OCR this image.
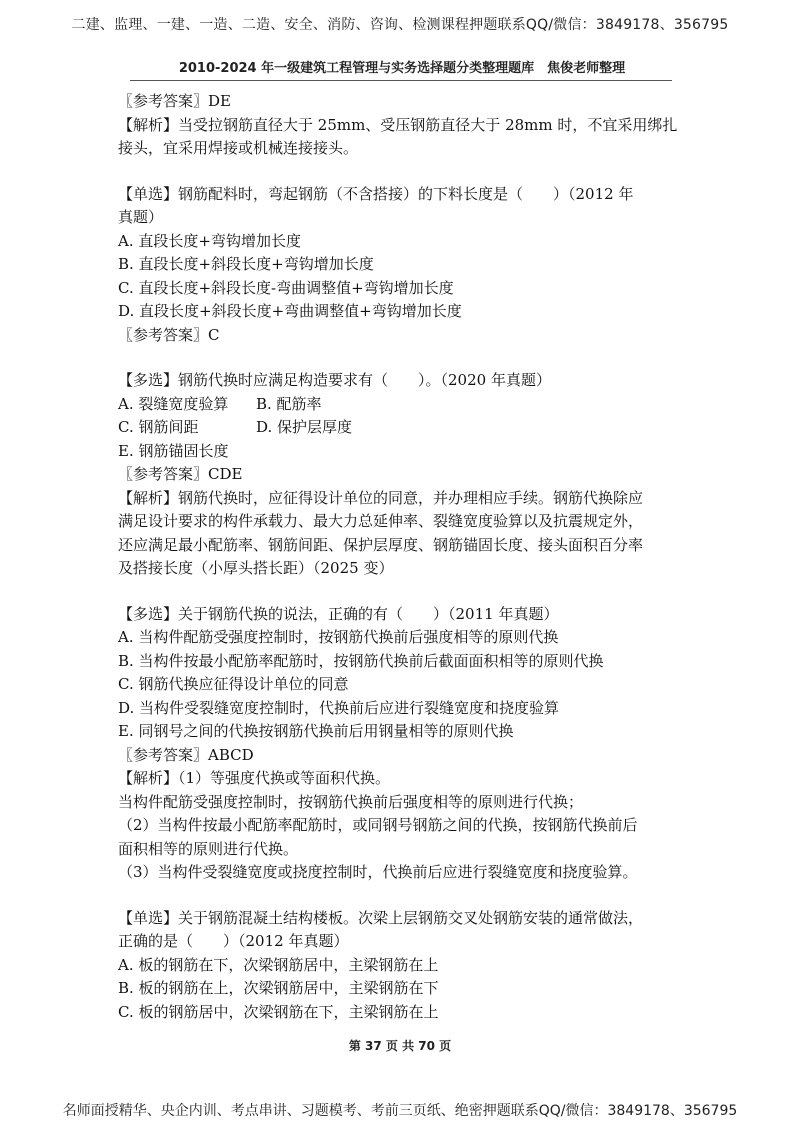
二建、监理、一建、一造、二造、安全、消防、咨询、检测课程押题联系QQ/微信：3849178、356795
2010-2024 年一级建筑工程管理与实务选择题分类整理题库　焦俊老师整理

〖参考答案〗DE

【解析】当受拉钢筋直径大于 25mm、受压钢筋直径大于 28mm 时，不宜采用绑扎

接头，宜采用焊接或机械连接接头。

【单选】钢筋配料时，弯起钢筋（不含搭接）的下料长度是（　　）（2012 年

真题）

A. 直段长度+弯钩增加长度

B. 直段长度+斜段长度+弯钩增加长度

C. 直段长度+斜段长度-弯曲调整值+弯钩增加长度

D. 直段长度+斜段长度+弯曲调整值+弯钩增加长度

〖参考答案〗C

【多选】钢筋代换时应满足构造要求有（　　）。（2020 年真题）

A. 裂缝宽度验算 B. 配筋率

C. 钢筋间距	D. 保护层厚度

E. 钢筋锚固长度

〖参考答案〗CDE

【解析】钢筋代换时，应征得设计单位的同意，并办理相应手续。钢筋代换除应

满足设计要求的构件承载力、最大力总延伸率、裂缝宽度验算以及抗震规定外，

还应满足最小配筋率、钢筋间距、保护层厚度、钢筋锚固长度、接头面积百分率

及搭接长度（小厚头搭长距）（2025 变）

【多选】关于钢筋代换的说法，正确的有（　　）（2011 年真题）

A. 当构件配筋受强度控制时，按钢筋代换前后强度相等的原则代换

B. 当构件按最小配筋率配筋时，按钢筋代换前后截面面积相等的原则代换

C. 钢筋代换应征得设计单位的同意

D. 当构件受裂缝宽度控制时，代换前后应进行裂缝宽度和挠度验算

E. 同钢号之间的代换按钢筋代换前后用钢量相等的原则代换

〖参考答案〗ABCD

【解析】（1）等强度代换或等面积代换。

当构件配筋受强度控制时，按钢筋代换前后强度相等的原则进行代换；

（2）当构件按最小配筋率配筋时，或同钢号钢筋之间的代换，按钢筋代换前后

面积相等的原则进行代换。

（3）当构件受裂缝宽度或挠度控制时，代换前后应进行裂缝宽度和挠度验算。

【单选】关于钢筋混凝土结构楼板。次梁上层钢筋交叉处钢筋安装的通常做法，

正确的是（　　）（2012 年真题）

A. 板的钢筋在下，次梁钢筋居中，主梁钢筋在上

B. 板的钢筋在上，次梁钢筋居中，主梁钢筋在下

C. 板的钢筋居中，次梁钢筋在下，主梁钢筋在上

第 37 页 共 70 页
名师面授精华、央企内训、考点串讲、习题模考、考前三页纸、绝密押题联系QQ/微信：3849178、356795
